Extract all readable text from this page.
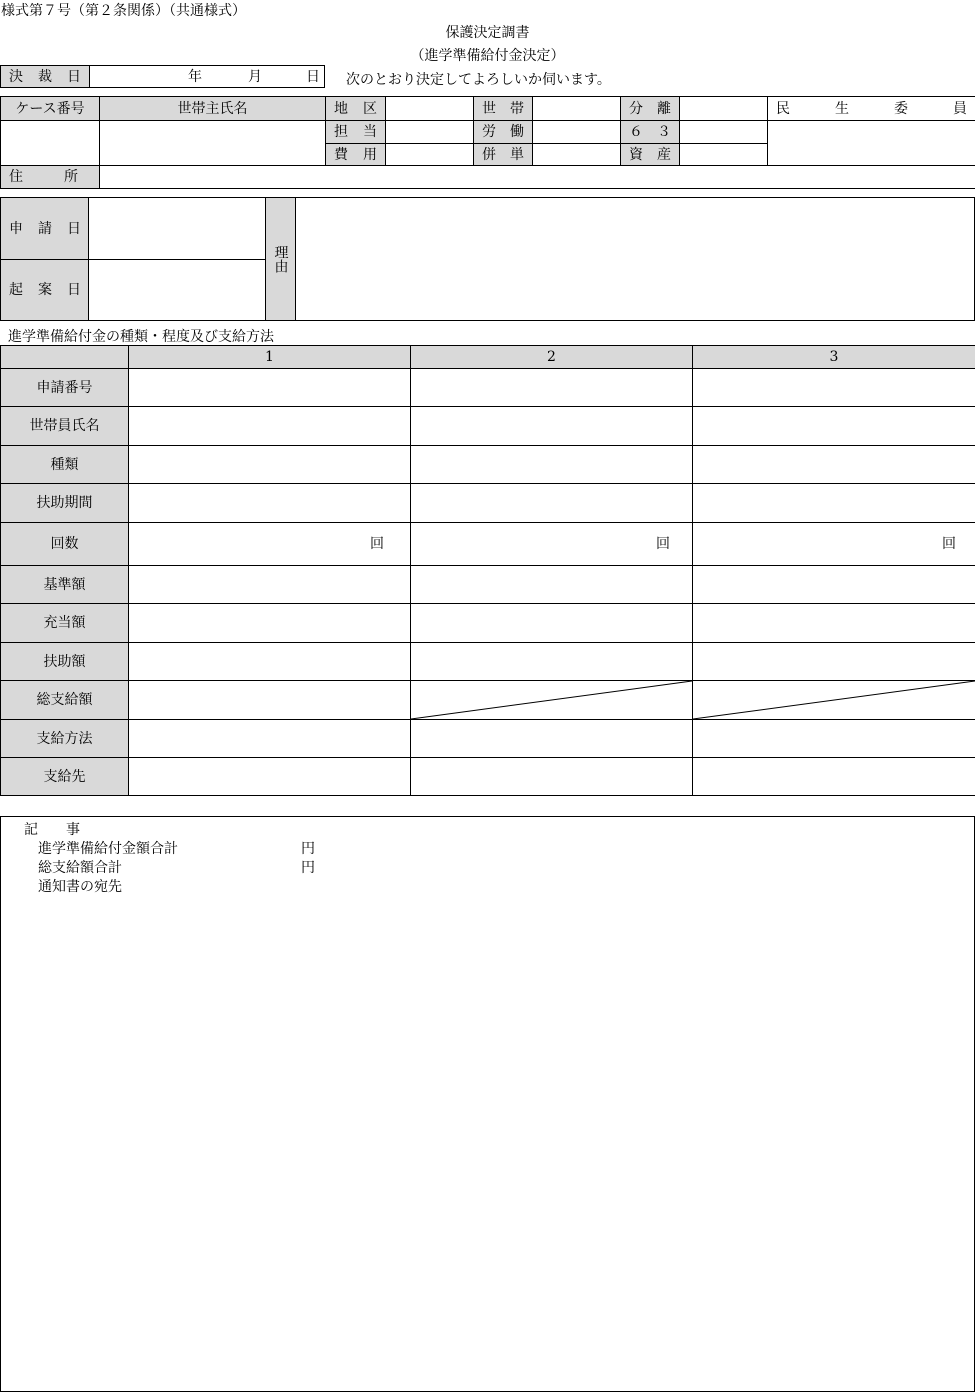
様式第７号（第２条関係）（共通様式）
保護決定調書
（進学準備給付金決定）
決 裁 日	年	月	日 次のとおり決定してよろしいか伺います。
ケース番号	世帯主氏名	地 区		世 帯		分 離		民 生 委 員

		担 当		労 働		６ ３		

		費 用		併 単		資 産		

住 所								

申 請 日		理由	

起 案 日			

進学準備給付金の種類・程度及び支給方法
	1	2	3
申請番号			
世帯員氏名			
種類			
扶助期間			
回数	回	回	回

基準額			
充当額			
扶助額			
総支給額		

支給方法			
支給先			
記 事
進学準備給付金額合計	円
総支給額合計	円
通知書の宛先
